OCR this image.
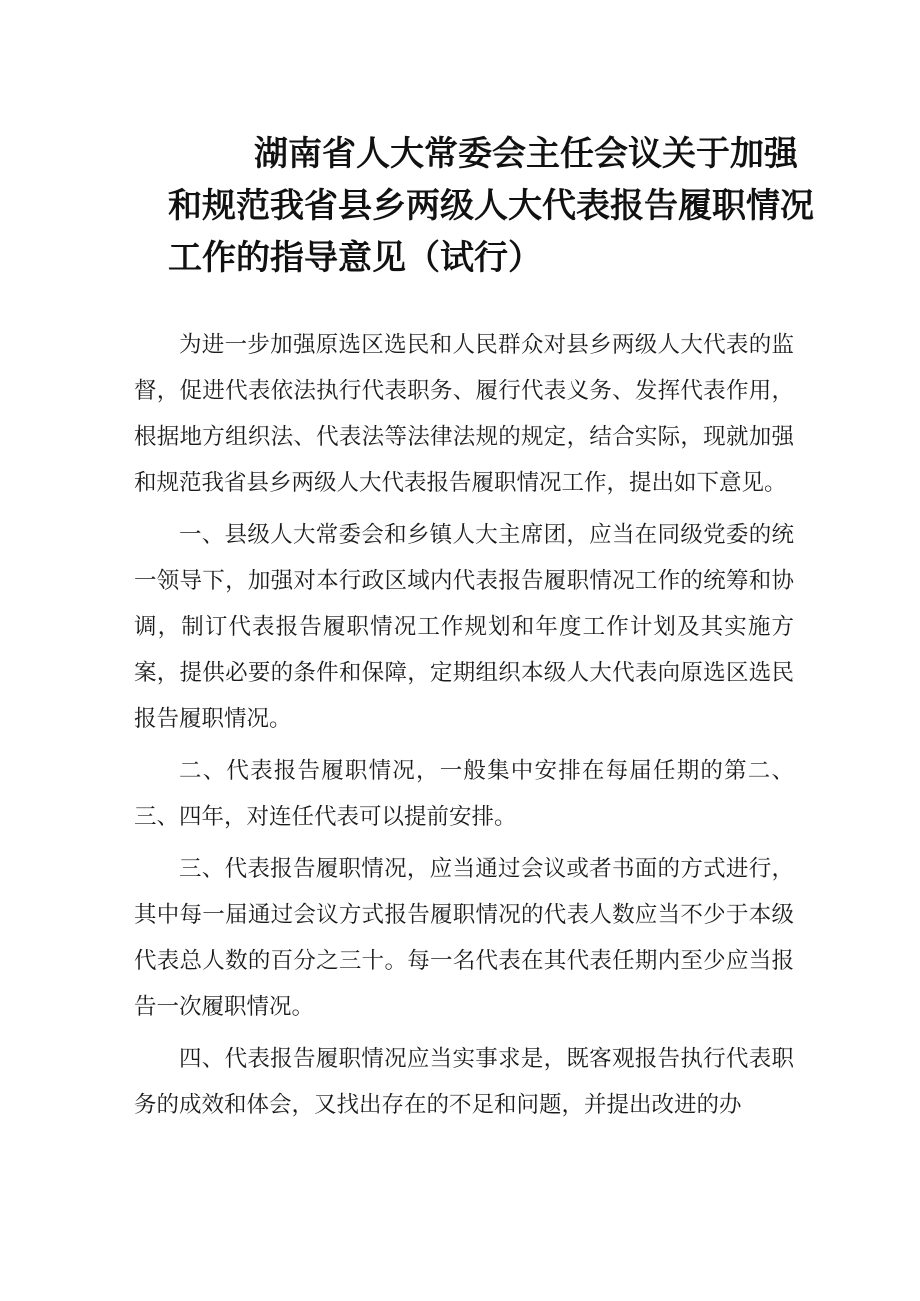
湖南省人大常委会主任会议关于加强
和规范我省县乡两级人大代表报告履职情况
工作的指导意见（试行）

为进一步加强原选区选民和人民群众对县乡两级人大代表的监督，促进代表依法执行代表职务、履行代表义务、发挥代表作用，根据地方组织法、代表法等法律法规的规定，结合实际，现就加强和规范我省县乡两级人大代表报告履职情况工作，提出如下意见。

一、县级人大常委会和乡镇人大主席团，应当在同级党委的统一领导下，加强对本行政区域内代表报告履职情况工作的统筹和协调，制订代表报告履职情况工作规划和年度工作计划及其实施方案，提供必要的条件和保障，定期组织本级人大代表向原选区选民报告履职情况。

二、代表报告履职情况，一般集中安排在每届任期的第二、三、四年，对连任代表可以提前安排。

三、代表报告履职情况，应当通过会议或者书面的方式进行，其中每一届通过会议方式报告履职情况的代表人数应当不少于本级代表总人数的百分之三十。每一名代表在其代表任期内至少应当报告一次履职情况。

四、代表报告履职情况应当实事求是，既客观报告执行代表职务的成效和体会，又找出存在的不足和问题，并提出改进的办
